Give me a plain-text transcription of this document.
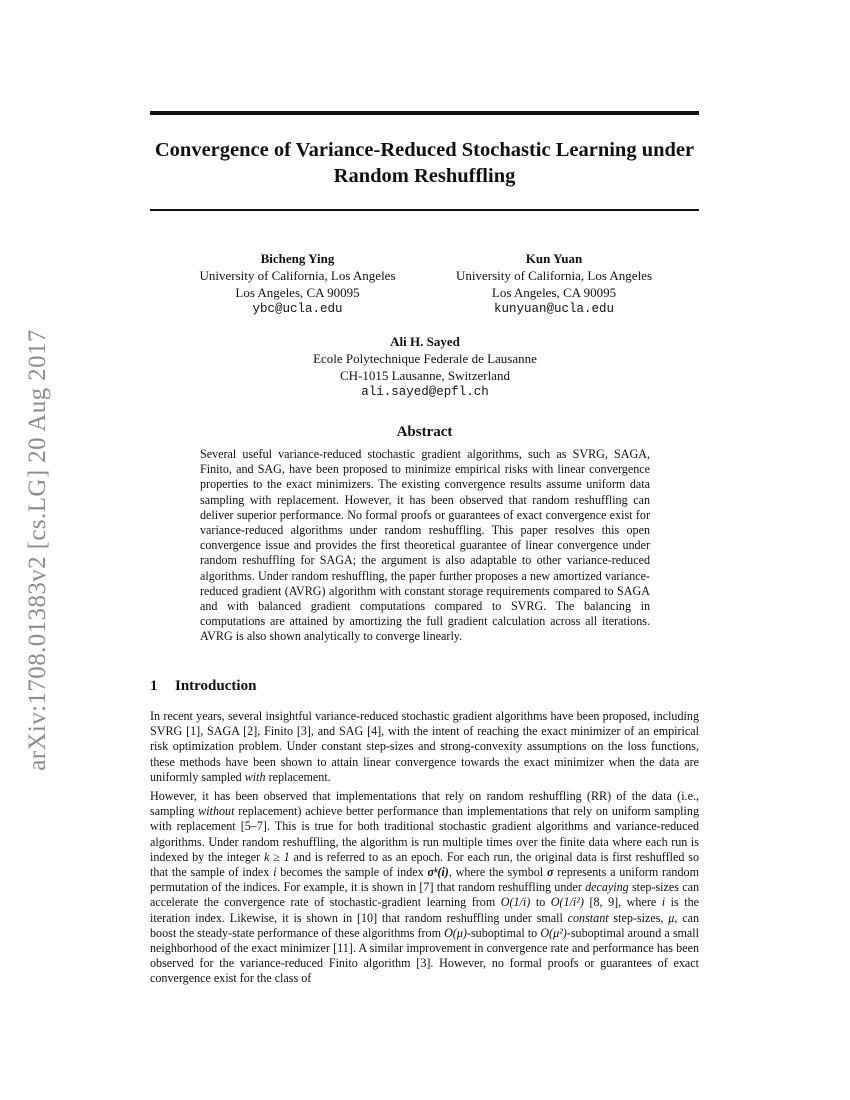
arXiv:1708.01383v2 [cs.LG] 20 Aug 2017
Convergence of Variance-Reduced Stochastic Learning under Random Reshuffling
Bicheng Ying
University of California, Los Angeles
Los Angeles, CA 90095
ybc@ucla.edu
Kun Yuan
University of California, Los Angeles
Los Angeles, CA 90095
kunyuan@ucla.edu
Ali H. Sayed
Ecole Polytechnique Federale de Lausanne
CH-1015 Lausanne, Switzerland
ali.sayed@epfl.ch
Abstract
Several useful variance-reduced stochastic gradient algorithms, such as SVRG, SAGA, Finito, and SAG, have been proposed to minimize empirical risks with linear convergence properties to the exact minimizers. The existing convergence results assume uniform data sampling with replacement. However, it has been observed that random reshuffling can deliver superior performance. No formal proofs or guarantees of exact convergence exist for variance-reduced algorithms under random reshuffling. This paper resolves this open convergence issue and provides the first theoretical guarantee of linear convergence under random reshuffling for SAGA; the argument is also adaptable to other variance-reduced algorithms. Under random reshuffling, the paper further proposes a new amortized variance-reduced gradient (AVRG) algorithm with constant storage requirements compared to SAGA and with balanced gradient computations compared to SVRG. The balancing in computations are attained by amortizing the full gradient calculation across all iterations. AVRG is also shown analytically to converge linearly.
1 Introduction

In recent years, several insightful variance-reduced stochastic gradient algorithms have been proposed, including SVRG [1], SAGA [2], Finito [3], and SAG [4], with the intent of reaching the exact minimizer of an empirical risk optimization problem. Under constant step-sizes and strong-convexity assumptions on the loss functions, these methods have been shown to attain linear convergence towards the exact minimizer when the data are uniformly sampled with replacement.

However, it has been observed that implementations that rely on random reshuffling (RR) of the data (i.e., sampling without replacement) achieve better performance than implementations that rely on uniform sampling with replacement [5–7]. This is true for both traditional stochastic gradient algorithms and variance-reduced algorithms. Under random reshuffling, the algorithm is run multiple times over the finite data where each run is indexed by the integer k ≥ 1 and is referred to as an epoch. For each run, the original data is first reshuffled so that the sample of index i becomes the sample of index σᵏ(i), where the symbol σ represents a uniform random permutation of the indices. For example, it is shown in [7] that random reshuffling under decaying step-sizes can accelerate the convergence rate of stochastic-gradient learning from O(1/i) to O(1/i²) [8, 9], where i is the iteration index. Likewise, it is shown in [10] that random reshuffling under small constant step-sizes, μ, can boost the steady-state performance of these algorithms from O(μ)-suboptimal to O(μ²)-suboptimal around a small neighborhood of the exact minimizer [11]. A similar improvement in convergence rate and performance has been observed for the variance-reduced Finito algorithm [3]. However, no formal proofs or guarantees of exact convergence exist for the class of
